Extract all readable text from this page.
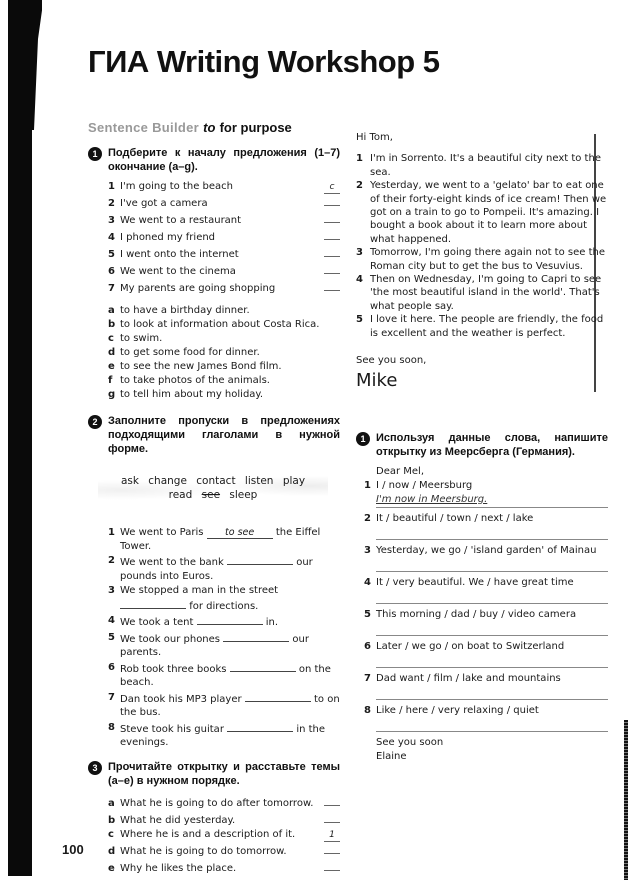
ГИА Writing Workshop 5
Sentence Builder to for purpose
1 Подберите к началу предложения (1–7) окончание (a–g).
1 I'm going to the beach	c
2 I've got a camera
3 We went to a restaurant
4 I phoned my friend
5 I went onto the internet
6 We went to the cinema
7 My parents are going shopping
a to have a birthday dinner.
b to look at information about Costa Rica.
c to swim.
d to get some food for dinner.
e to see the new James Bond film.
f to take photos of the animals.
g to tell him about my holiday.
2 Заполните пропуски в предложениях подходящими глаголами в нужной форме.
ask change contact listen play
read see sleep
1 We went to Paris to see the Eiffel Tower.
2 We went to the bank	our pounds into Euros.
3 We stopped a man in the street  for directions.
4 We took a tent	in.
5 We took our phones	our parents.
6 Rob took three books	on the beach.
7 Dan took his MP3 player	to on the bus.
8 Steve took his guitar	in the evenings.
3 Прочитайте открытку и расставьте темы (a–e) в нужном порядке.
a What he is going to do after tomorrow.
b What he did yesterday.
c Where he is and a description of it.	1
d What he is going to do tomorrow.
e Why he likes the place.
Hi Tom,
1 I'm in Sorrento. It's a beautiful city next to the sea.
2 Yesterday, we went to a 'gelato' bar to eat one of their forty-eight kinds of ice cream! Then we got on a train to go to Pompeii. It's amazing. I bought a book about it to learn more about what happened.
3 Tomorrow, I'm going there again not to see the Roman city but to get the bus to Vesuvius.
4 Then on Wednesday, I'm going to Capri to see 'the most beautiful island in the world'. That's what people say.
5 I love it here. The people are friendly, the food is excellent and the weather is perfect.
See you soon,
Mike
1 Используя данные слова, напишите открытку из Меерсберга (Германия).
Dear Mel,
1 I / now / Meersburg
I'm now in Meersburg.
2 It / beautiful / town / next / lake
3 Yesterday, we go / 'island garden' of Mainau
4 It / very beautiful. We / have great time
5 This morning / dad / buy / video camera
6 Later / we go / on boat to Switzerland
7 Dad want / film / lake and mountains
8 Like / here / very relaxing / quiet
See you soon
Elaine
100
